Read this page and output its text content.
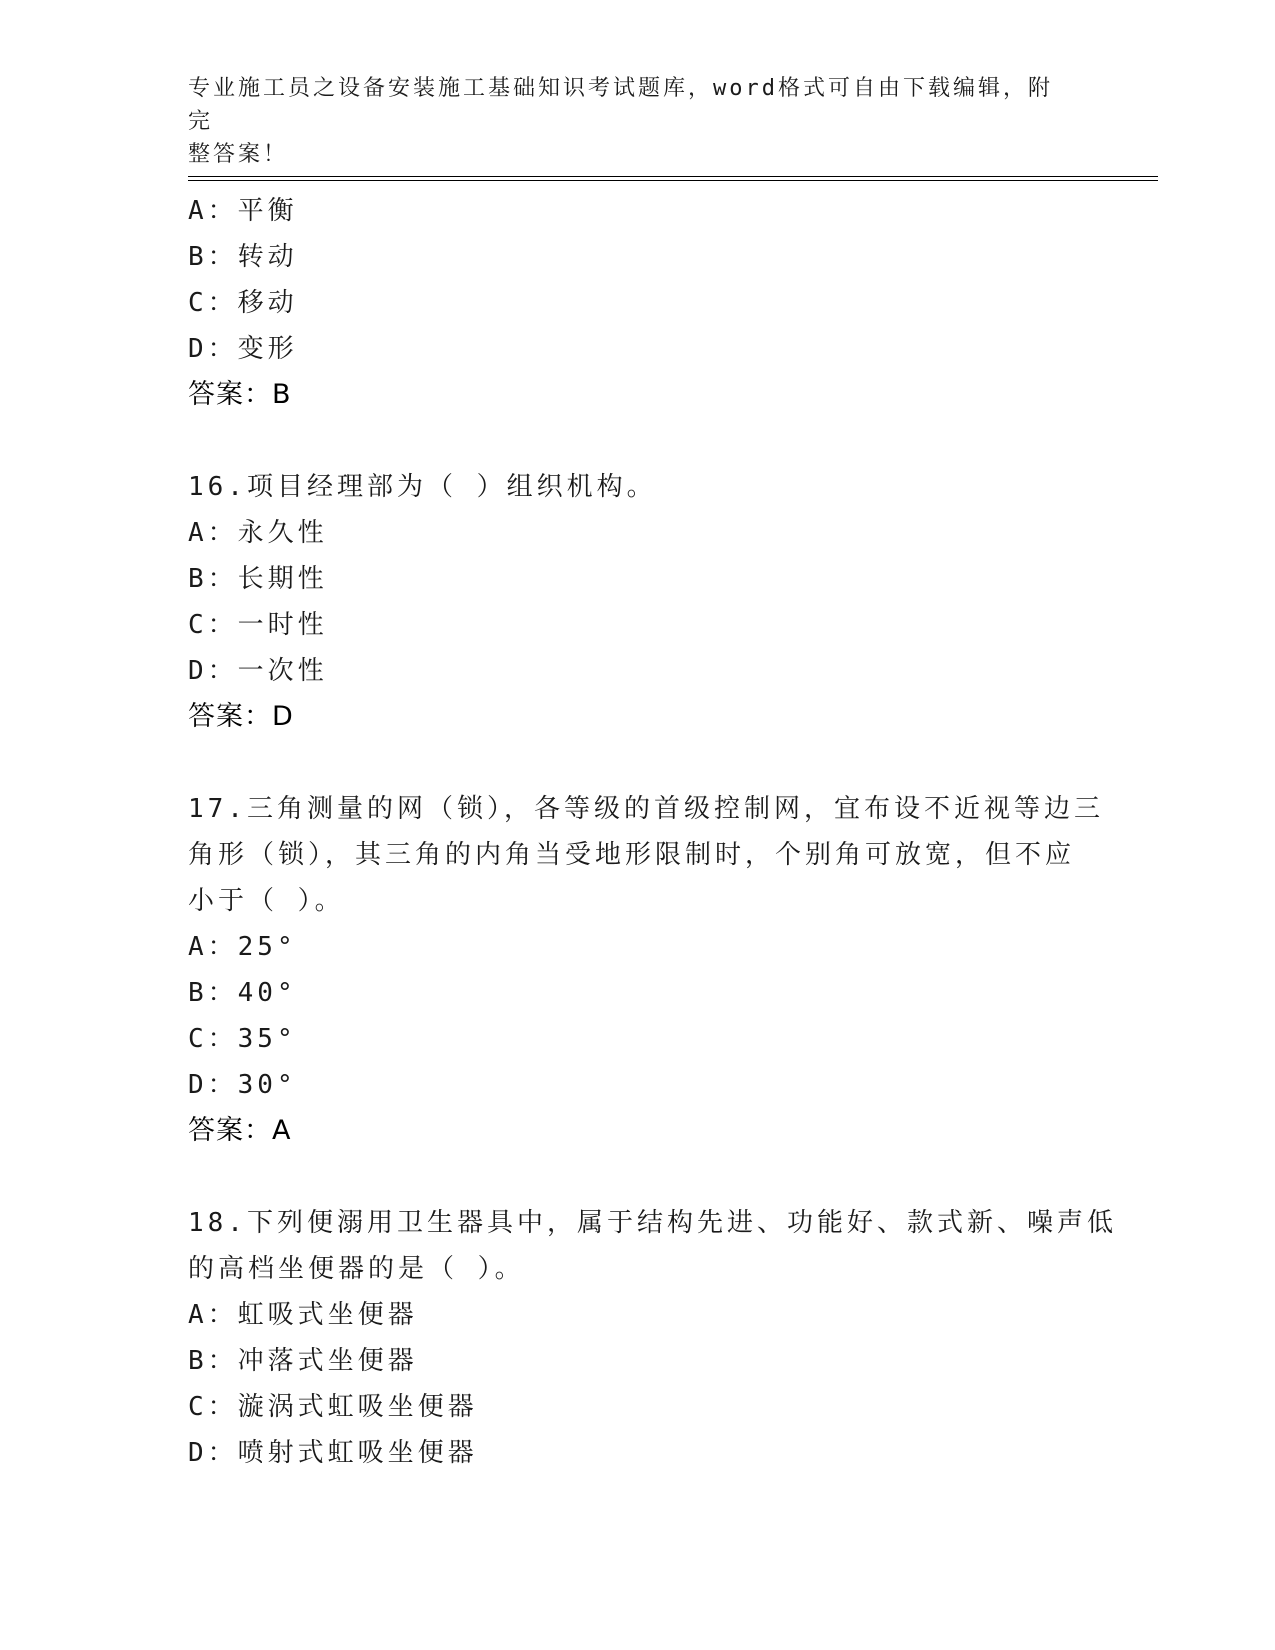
专业施工员之设备安装施工基础知识考试题库，word格式可自由下载编辑，附完
整答案！
A：平衡
B：转动
C：移动
D：变形
答案：B
16.项目经理部为（ ）组织机构。
A：永久性
B：长期性
C：一时性
D：一次性
答案：D
17.三角测量的网（锁），各等级的首级控制网，宜布设不近视等边三
角形（锁），其三角的内角当受地形限制时，个别角可放宽，但不应
小于（ ）。
A：25°
B：40°
C：35°
D：30°
答案：A
18.下列便溺用卫生器具中，属于结构先进、功能好、款式新、噪声低
的高档坐便器的是（ ）。
A：虹吸式坐便器
B：冲落式坐便器
C：漩涡式虹吸坐便器
D：喷射式虹吸坐便器
